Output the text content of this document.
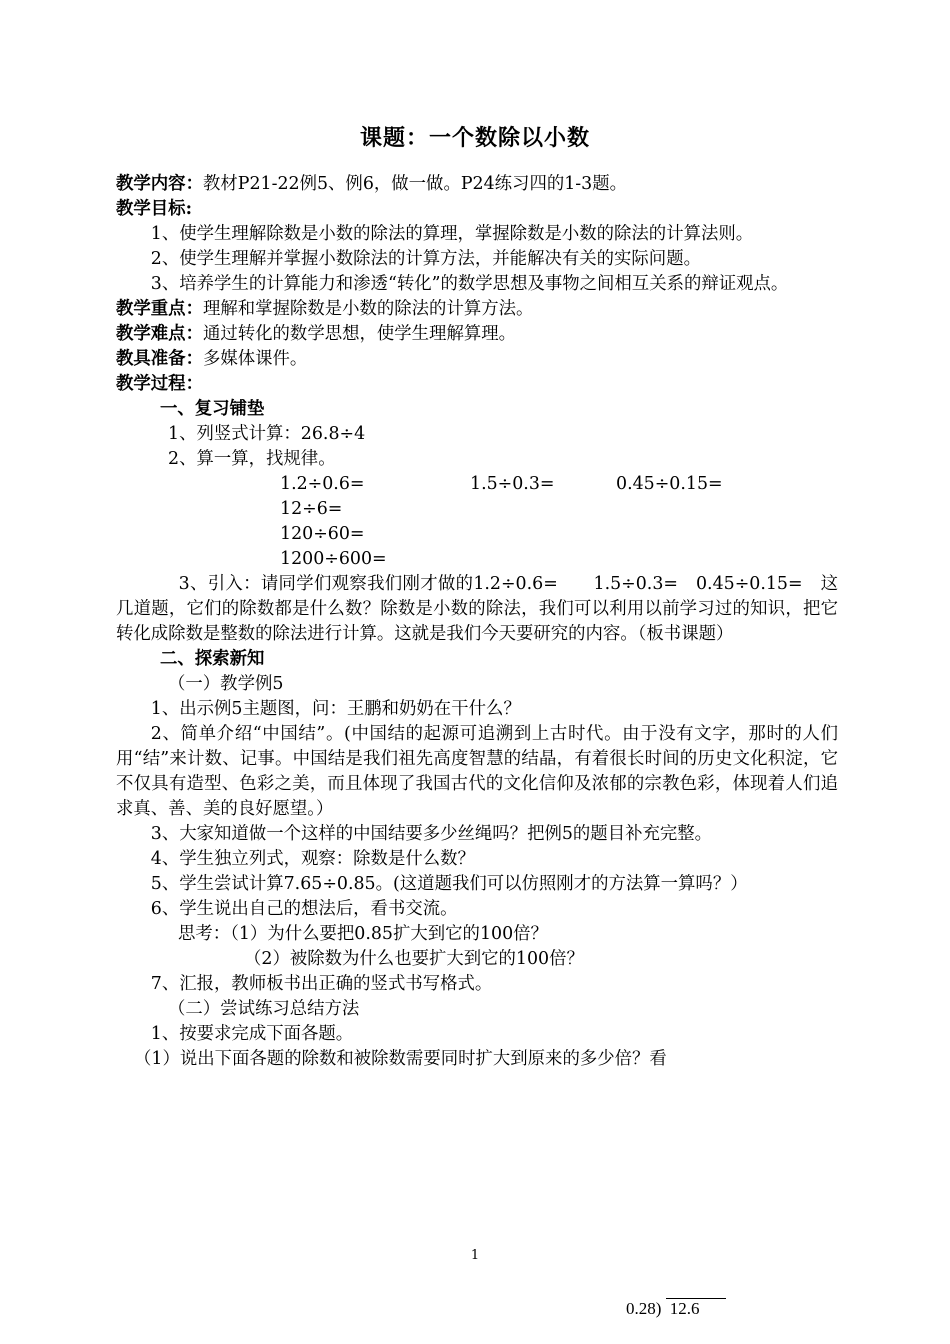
课题：一个数除以小数

教学内容：教材P21-22例5、例6，做一做。P24练习四的1-3题。

教学目标:

1、使学生理解除数是小数的除法的算理，掌握除数是小数的除法的计算法则。

2、使学生理解并掌握小数除法的计算方法，并能解决有关的实际问题。

3、培养学生的计算能力和渗透“转化”的数学思想及事物之间相互关系的辩证观点。

教学重点：理解和掌握除数是小数的除法的计算方法。

教学难点：通过转化的数学思想，使学生理解算理。

教具准备：多媒体课件。

教学过程：

一、复习铺垫

1、列竖式计算：26.8÷4

2、算一算，找规律。

1.2÷0.6=	1.5÷0.3=	0.45÷0.15=

12÷6=

120÷60=

1200÷600=

3、引入：请同学们观察我们刚才做的1.2÷0.6=　　1.5÷0.3=　0.45÷0.15=　这几道题，它们的除数都是什么数？除数是小数的除法，我们可以利用以前学习过的知识，把它转化成除数是整数的除法进行计算。这就是我们今天要研究的内容。（板书课题）

二、探索新知

（一）教学例5

1、出示例5主题图，问：王鹏和奶奶在干什么？

2、简单介绍“中国结”。(中国结的起源可追溯到上古时代。由于没有文字，那时的人们用“结”来计数、记事。中国结是我们祖先高度智慧的结晶，有着很长时间的历史文化积淀，它不仅具有造型、色彩之美，而且体现了我国古代的文化信仰及浓郁的宗教色彩，体现着人们追求真、善、美的良好愿望。）

3、大家知道做一个这样的中国结要多少丝绳吗？把例5的题目补充完整。

4、学生独立列式，观察：除数是什么数？

5、学生尝试计算7.65÷0.85。(这道题我们可以仿照刚才的方法算一算吗？）

6、学生说出自己的想法后，看书交流。

思考：（1）为什么要把0.85扩大到它的100倍？

（2）被除数为什么也要扩大到它的100倍？

7、汇报，教师板书出正确的竖式书写格式。

（二）尝试练习总结方法

1、按要求完成下面各题。

（1）说出下面各题的除数和被除数需要同时扩大到原来的多少倍？看

1
0.28) 12.6
